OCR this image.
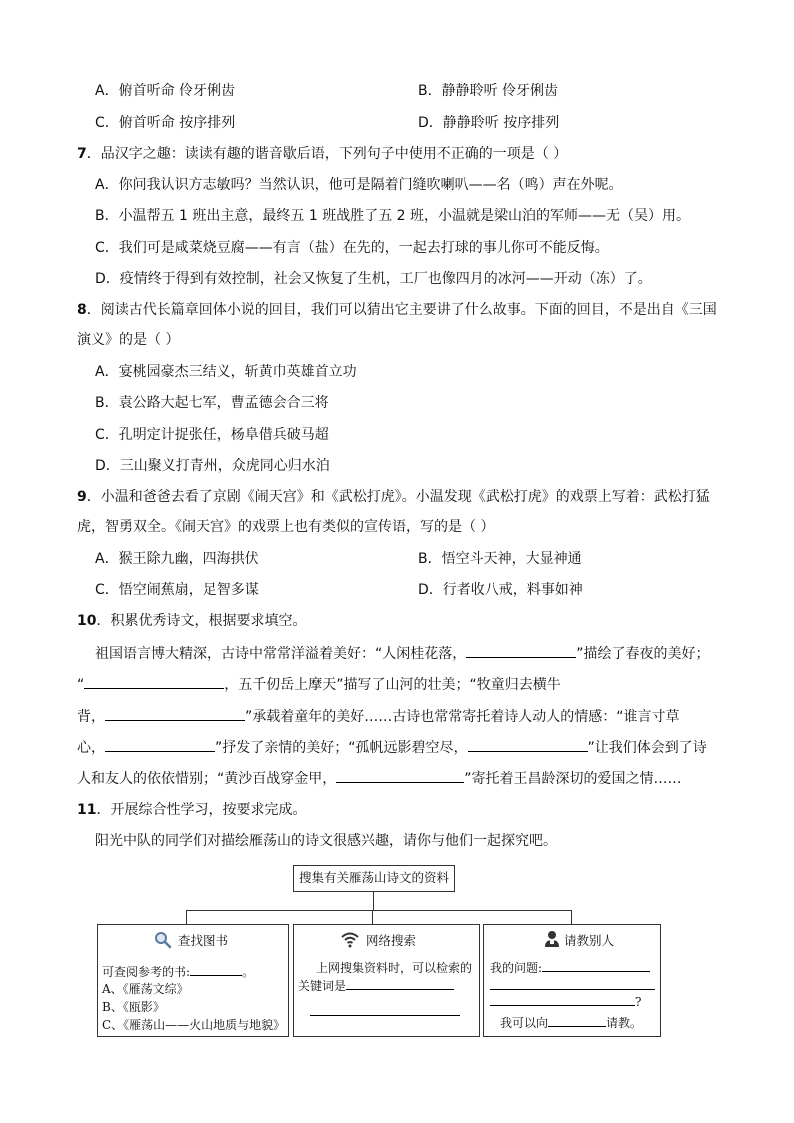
A．俯首听命 伶牙俐齿	B．静静聆听 伶牙俐齿
C．俯首听命 按序排列	D．静静聆听 按序排列
7．品汉字之趣：读读有趣的谐音歇后语，下列句子中使用不正确的一项是（ ）
A．你问我认识方志敏吗？当然认识，他可是隔着门缝吹喇叭——名（鸣）声在外呢。
B．小温帮五 1 班出主意，最终五 1 班战胜了五 2 班，小温就是梁山泊的军师——无（吴）用。
C．我们可是咸菜烧豆腐——有言（盐）在先的，一起去打球的事儿你可不能反悔。
D．疫情终于得到有效控制，社会又恢复了生机，工厂也像四月的冰河——开动（冻）了。
8．阅读古代长篇章回体小说的回目，我们可以猜出它主要讲了什么故事。下面的回目，不是出自《三国
演义》的是（ ）
A．宴桃园豪杰三结义，斩黄巾英雄首立功
B．袁公路大起七军，曹孟德会合三将
C．孔明定计捉张任，杨阜借兵破马超
D．三山聚义打青州，众虎同心归水泊
9．小温和爸爸去看了京剧《闹天宫》和《武松打虎》。小温发现《武松打虎》的戏票上写着：武松打猛
虎，智勇双全。《闹天宫》的戏票上也有类似的宣传语，写的是（ ）
A．猴王除九幽，四海拱伏	B．悟空斗天神，大显神通
C．悟空闹蕉扇，足智多谋	D．行者收八戒，料事如神
10．积累优秀诗文，根据要求填空。
祖国语言博大精深，古诗中常常洋溢着美好：“人闲桂花落，	”描绘了春夜的美好；
“	，五千仞岳上摩天”描写了山河的壮美；“牧童归去横牛
背，	”承载着童年的美好……古诗也常常寄托着诗人动人的情感：“谁言寸草
心，	”抒发了亲情的美好；“孤帆远影碧空尽，	”让我们体会到了诗
人和友人的依依惜别；“黄沙百战穿金甲，	”寄托着王昌龄深切的爱国之情……
11．开展综合性学习，按要求完成。
阳光中队的同学们对描绘雁荡山的诗文很感兴趣，请你与他们一起探究吧。
搜集有关雁荡山诗文的资料
查找图书
可查阅参考的书:	。
A、《雁荡文综》
B、《瓯影》
C、《雁荡山——火山地质与地貌》
网络搜索
上网搜集资料时，可以检索的
关键词是
请教别人
我的问题:
?
我可以向	请教。
